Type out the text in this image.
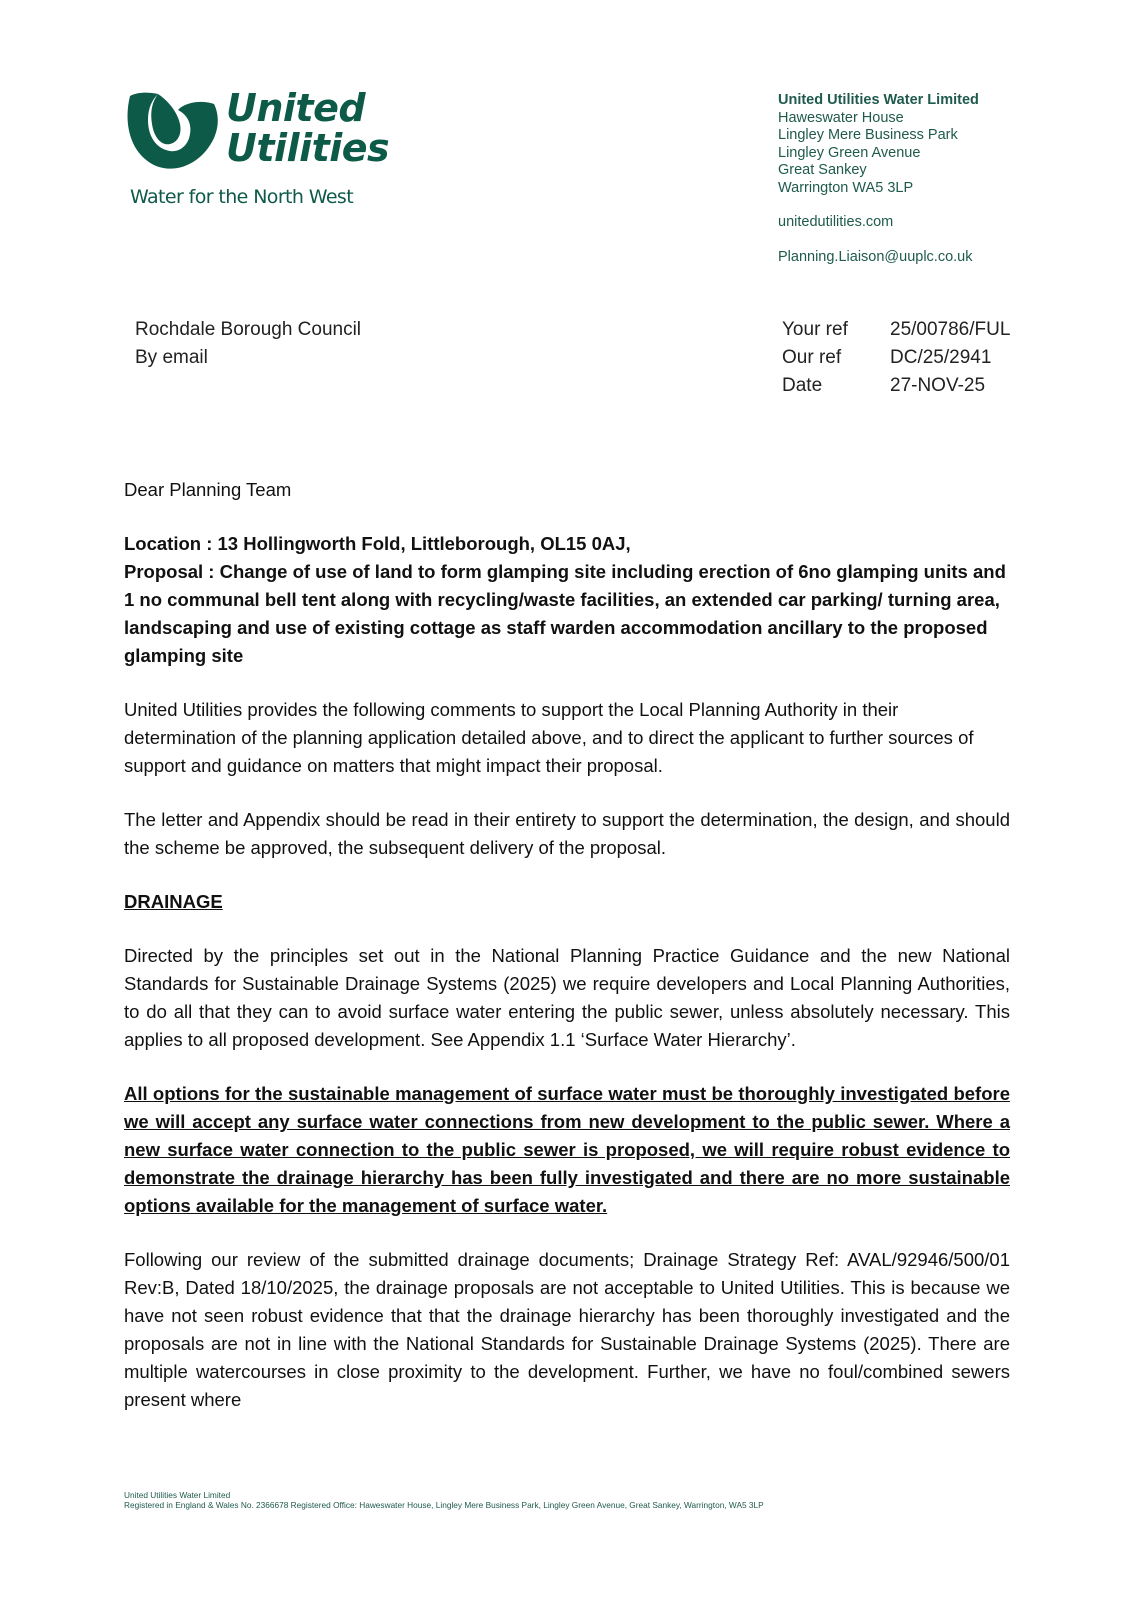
United
Utilities
Water for the North West
United Utilities Water Limited
Haweswater House
Lingley Mere Business Park
Lingley Green Avenue
Great Sankey
Warrington WA5 3LP
unitedutilities.com
Planning.Liaison@uuplc.co.uk
Rochdale Borough Council
By email
Your ref	25/00786/FUL
Our ref	DC/25/2941
Date	27-NOV-25

Dear Planning Team

Location : 13 Hollingworth Fold, Littleborough, OL15 0AJ,

Proposal : Change of use of land to form glamping site including erection of 6no glamping units and 1 no communal bell tent along with recycling/waste facilities, an extended car parking/ turning area, landscaping and use of existing cottage as staff warden accommodation ancillary to the proposed glamping site

United Utilities provides the following comments to support the Local Planning Authority in their determination of the planning application detailed above, and to direct the applicant to further sources of support and guidance on matters that might impact their proposal.

The letter and Appendix should be read in their entirety to support the determination, the design, and should the scheme be approved, the subsequent delivery of the proposal.

DRAINAGE

Directed by the principles set out in the National Planning Practice Guidance and the new National Standards for Sustainable Drainage Systems (2025) we require developers and Local Planning Authorities, to do all that they can to avoid surface water entering the public sewer, unless absolutely necessary. This applies to all proposed development. See Appendix 1.1 ‘Surface Water Hierarchy’.

All options for the sustainable management of surface water must be thoroughly investigated before we will accept any surface water connections from new development to the public sewer. Where a new surface water connection to the public sewer is proposed, we will require robust evidence to demonstrate the drainage hierarchy has been fully investigated and there are no more sustainable options available for the management of surface water.

Following our review of the submitted drainage documents; Drainage Strategy Ref: AVAL/92946/500/01 Rev:B, Dated 18/10/2025, the drainage proposals are not acceptable to United Utilities. This is because we have not seen robust evidence that that the drainage hierarchy has been thoroughly investigated and the proposals are not in line with the National Standards for Sustainable Drainage Systems (2025). There are multiple watercourses in close proximity to the development. Further, we have no foul/combined sewers present where

United Utilities Water Limited
Registered in England & Wales No. 2366678 Registered Office: Haweswater House, Lingley Mere Business Park, Lingley Green Avenue, Great Sankey, Warrington, WA5 3LP
